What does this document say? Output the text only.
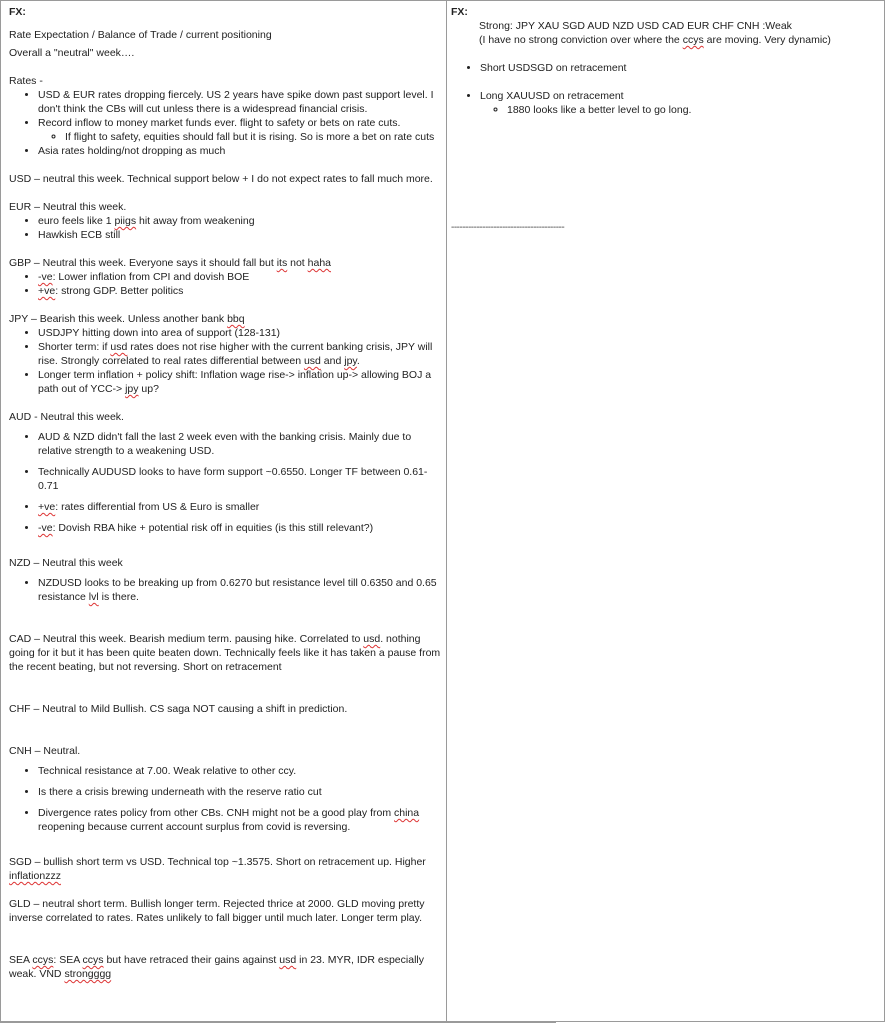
FX:

Rate Expectation / Balance of Trade / current positioning

Overall a "neutral" week….

Rates -

• USD & EUR rates dropping fiercely. US 2 years have spike down past support level. I don't think the CBs will cut unless there is a widespread financial crisis.
• Record inflow to money market funds ever. flight to safety or bets on rate cuts.
◦ If flight to safety, equities should fall but it is rising. So is more a bet on rate cuts
• Asia rates holding/not dropping as much

USD – neutral this week. Technical support below + I do not expect rates to fall much more.

EUR – Neutral this week.

• euro feels like 1 piigs hit away from weakening
• Hawkish ECB still

GBP – Neutral this week. Everyone says it should fall but its not haha

• -ve: Lower inflation from CPI and dovish BOE
• +ve: strong GDP. Better politics

JPY – Bearish this week. Unless another bank bbq

• USDJPY hitting down into area of support (128-131)
• Shorter term: if usd rates does not rise higher with the current banking crisis, JPY will rise. Strongly correlated to real rates differential between usd and jpy.
• Longer term inflation + policy shift: Inflation wage rise-> inflation up-> allowing BOJ a path out of YCC-> jpy up?

AUD - Neutral this week.

• AUD & NZD didn't fall the last 2 week even with the banking crisis. Mainly due to relative strength to a weakening USD.
• Technically AUDUSD looks to have form support ~0.6550. Longer TF between 0.61-0.71
• +ve: rates differential from US & Euro is smaller
• -ve: Dovish RBA hike + potential risk off in equities (is this still relevant?)

NZD – Neutral this week

• NZDUSD looks to be breaking up from 0.6270 but resistance level till 0.6350 and 0.65 resistance lvl is there.

CAD – Neutral this week. Bearish medium term. pausing hike. Correlated to usd. nothing going for it but it has been quite beaten down. Technically feels like it has taken a pause from the recent beating, but not reversing. Short on retracement

CHF – Neutral to Mild Bullish. CS saga NOT causing a shift in prediction.

CNH – Neutral.

• Technical resistance at 7.00. Weak relative to other ccy.
• Is there a crisis brewing underneath with the reserve ratio cut
• Divergence rates policy from other CBs. CNH might not be a good play from china reopening because current account surplus from covid is reversing.

SGD – bullish short term vs USD. Technical top ~1.3575. Short on retracement up. Higher inflationzzz

GLD – neutral short term. Bullish longer term. Rejected thrice at 2000. GLD moving pretty inverse correlated to rates. Rates unlikely to fall bigger until much later. Longer term play.

SEA ccys: SEA ccys but have retraced their gains against usd in 23. MYR, IDR especially weak. VND strongggg

FX:

Strong: JPY XAU SGD AUD NZD USD CAD EUR CHF CNH :Weak

(I have no strong conviction over where the ccys are moving. Very dynamic)

• Short USDSGD on retracement
• Long XAUUSD on retracement
◦ 1880 looks like a better level to go long.
----------------------------------------
